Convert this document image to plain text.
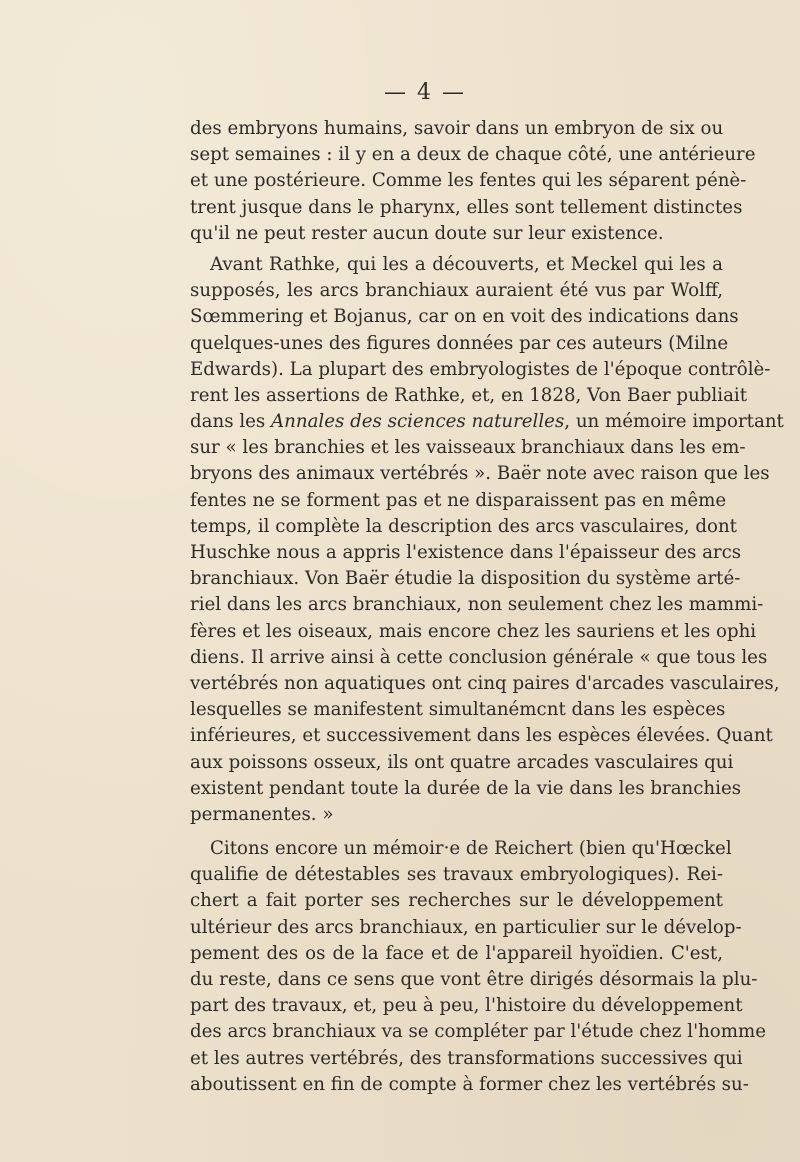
— 4 —
des embryons humains, savoir dans un embryon de six ou
sept semaines : il y en a deux de chaque côté, une antérieure
et une postérieure. Comme les fentes qui les séparent pénè-
trent jusque dans le pharynx, elles sont tellement distinctes
qu'il ne peut rester aucun doute sur leur existence.
Avant Rathke, qui les a découverts, et Meckel qui les a
supposés, les arcs branchiaux auraient été vus par Wolff,
Sœmmering et Bojanus, car on en voit des indications dans
quelques-unes des figures données par ces auteurs (Milne
Edwards). La plupart des embryologistes de l'époque contrôlè-
rent les assertions de Rathke, et, en 1828, Von Baer publiait
dans les Annales des sciences naturelles, un mémoire important
sur « les branchies et les vaisseaux branchiaux dans les em-
bryons des animaux vertébrés ». Baër note avec raison que les
fentes ne se forment pas et ne disparaissent pas en même
temps, il complète la description des arcs vasculaires, dont
Huschke nous a appris l'existence dans l'épaisseur des arcs
branchiaux. Von Baër étudie la disposition du système arté-
riel dans les arcs branchiaux, non seulement chez les mammi-
fères et les oiseaux, mais encore chez les sauriens et les ophi
diens. Il arrive ainsi à cette conclusion générale « que tous les
vertébrés non aquatiques ont cinq paires d'arcades vasculaires,
lesquelles se manifestent simultanémcnt dans les espèces
inférieures, et successivement dans les espèces élevées. Quant
aux poissons osseux, ils ont quatre arcades vasculaires qui
existent pendant toute la durée de la vie dans les branchies
permanentes. »
Citons encore un mémoir·e de Reichert (bien qu'Hœckel
qualifie de détestables ses travaux embryologiques). Rei-
chert a fait porter ses recherches sur le développement
ultérieur des arcs branchiaux, en particulier sur le dévelop-
pement des os de la face et de l'appareil hyoïdien. C'est,
du reste, dans ce sens que vont être dirigés désormais la plu-
part des travaux, et, peu à peu, l'histoire du développement
des arcs branchiaux va se compléter par l'étude chez l'homme
et les autres vertébrés, des transformations successives qui
aboutissent en fin de compte à former chez les vertébrés su-
